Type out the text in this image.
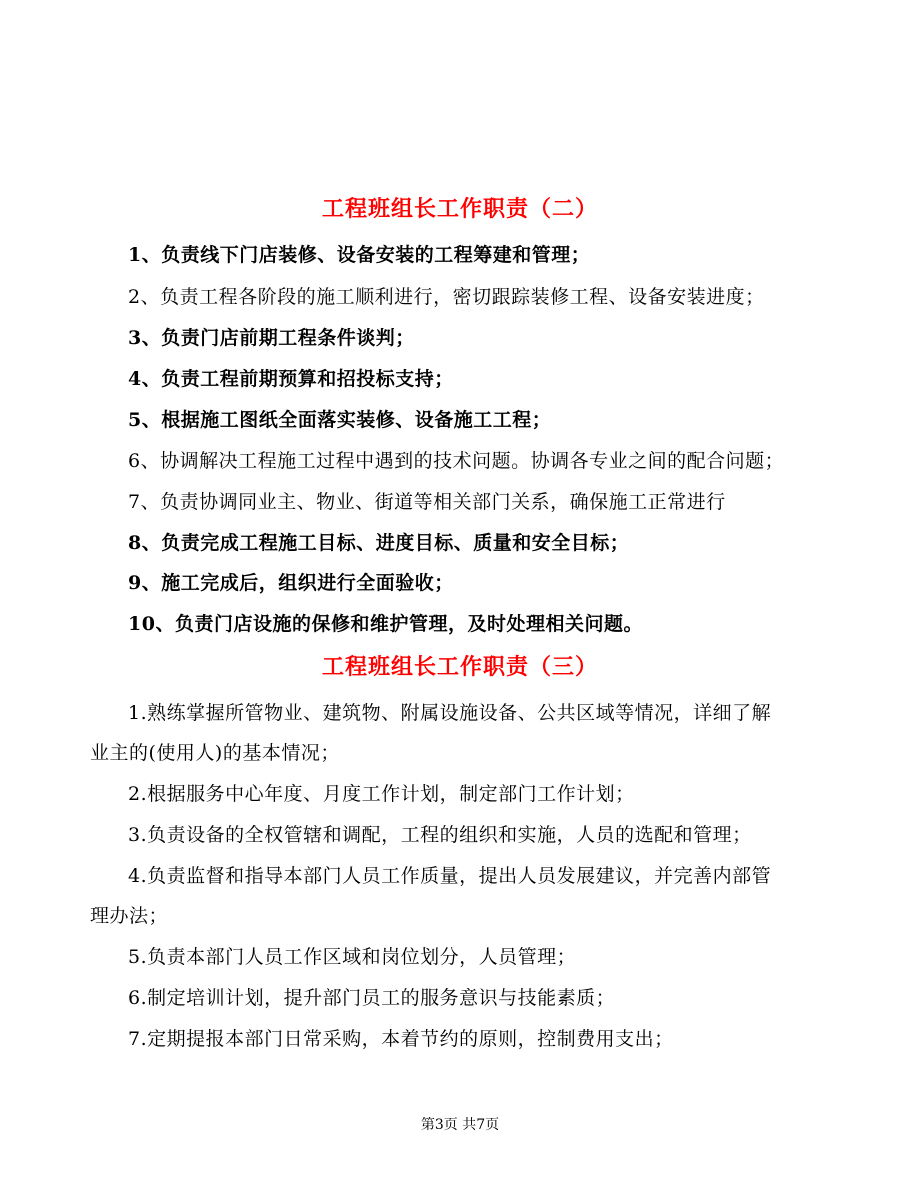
工程班组长工作职责（二）
1、负责线下门店装修、设备安装的工程筹建和管理；
2、负责工程各阶段的施工顺利进行，密切跟踪装修工程、设备安装进度；
3、负责门店前期工程条件谈判；
4、负责工程前期预算和招投标支持；
5、根据施工图纸全面落实装修、设备施工工程；
6、协调解决工程施工过程中遇到的技术问题。协调各专业之间的配合问题；
7、负责协调同业主、物业、街道等相关部门关系，确保施工正常进行
8、负责完成工程施工目标、进度目标、质量和安全目标；
9、施工完成后，组织进行全面验收；
10、负责门店设施的保修和维护管理，及时处理相关问题。
工程班组长工作职责（三）
1.熟练掌握所管物业、建筑物、附属设施设备、公共区域等情况，详细了解
业主的(使用人)的基本情况；
2.根据服务中心年度、月度工作计划，制定部门工作计划；
3.负责设备的全权管辖和调配，工程的组织和实施，人员的选配和管理；
4.负责监督和指导本部门人员工作质量，提出人员发展建议，并完善内部管
理办法；
5.负责本部门人员工作区域和岗位划分，人员管理；
6.制定培训计划，提升部门员工的服务意识与技能素质；
7.定期提报本部门日常采购，本着节约的原则，控制费用支出；
第3页 共7页
